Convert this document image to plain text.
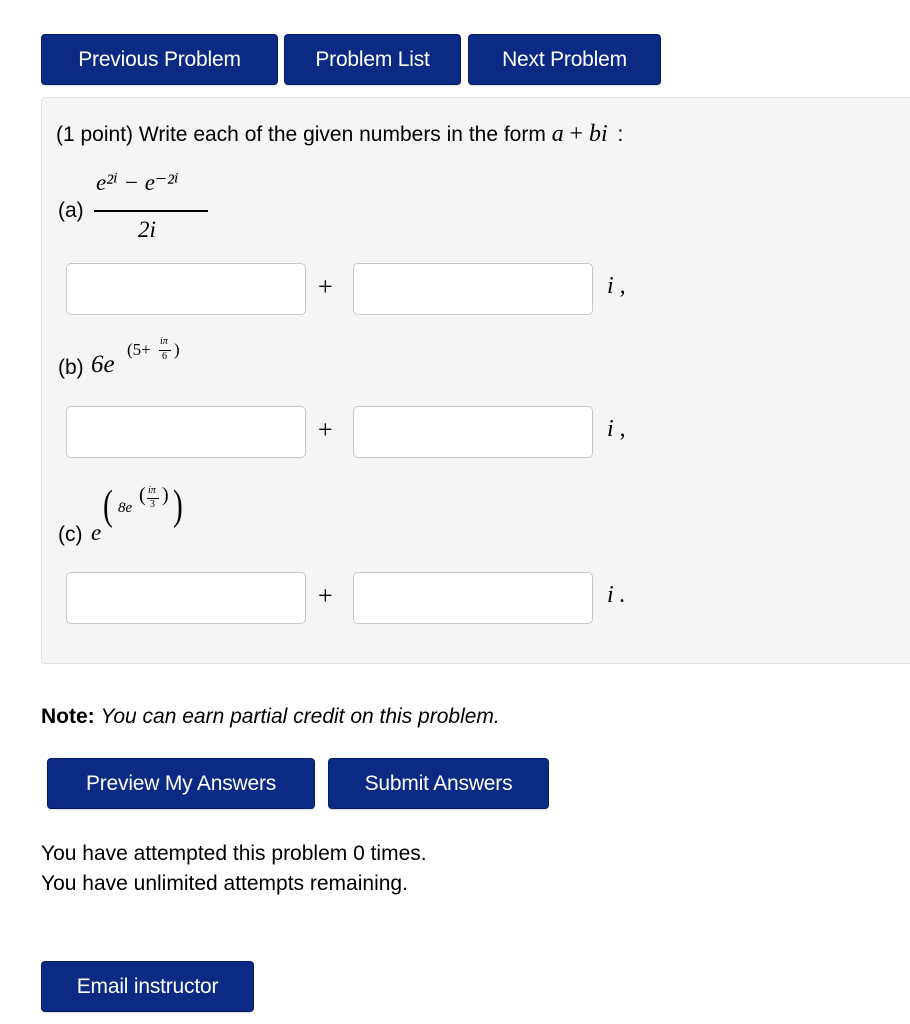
Previous Problem	Problem List	Next Problem
(1 point) Write each of the given numbers in the form a + bi :
(a)
e²ⁱ − e⁻²ⁱ
2i
+	i ,
(b) 6e
(5+ iπ
6 )
+	i ,
(c) e
( 8e
( iπ
3 ) )
+	i .
Note: You can earn partial credit on this problem.
Preview My Answers	Submit Answers
You have attempted this problem 0 times.
You have unlimited attempts remaining.
Email instructor
